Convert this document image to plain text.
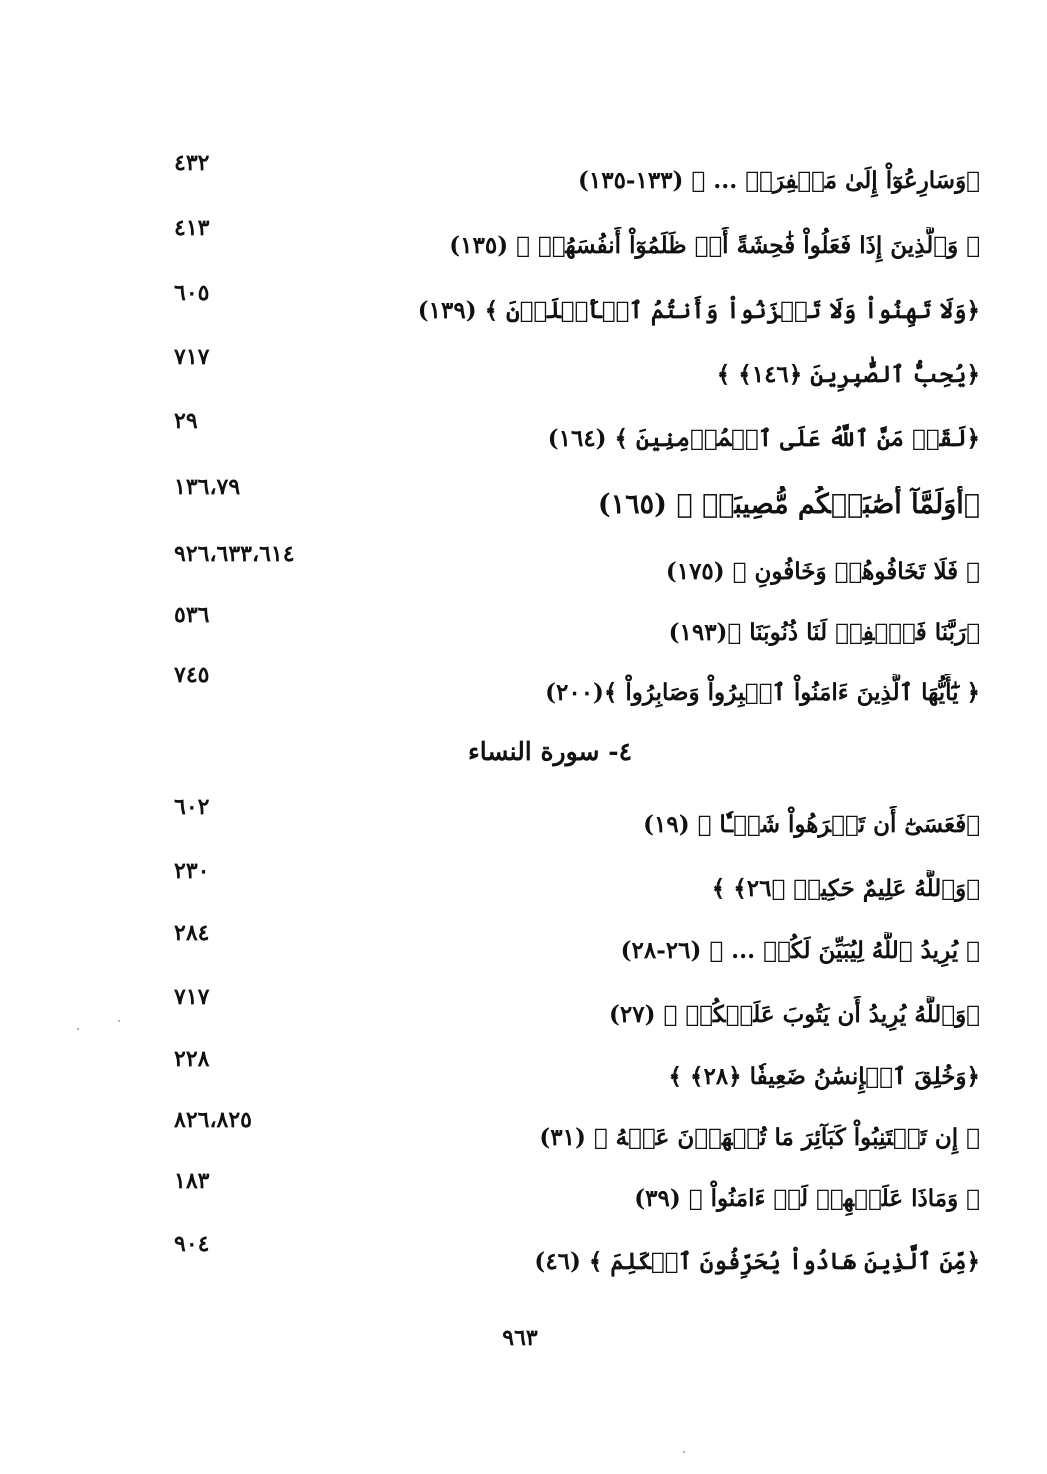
﴿وَسَارِعُوٓاْ إِلَىٰ مَغۡفِرَةٖ ... ﴾ (١٣٣-١٣٥)
٤٣٢
﴿ وَٱلَّذِينَ إِذَا فَعَلُواْ فَٰحِشَةً أَوۡ ظَلَمُوٓاْ أَنفُسَهُمۡ ﴾ (١٣٥)
٤١٣
﴿وَلَا تَهِنُواْ وَلَا تَحۡزَنُواْ وَأَنتُمُ ٱلۡأَعۡلَوۡنَ ﴾ (١٣٩)
٦٠٥
﴿يُحِبُّ ٱلصَّٰبِرِينَ ﴿١٤٦﴾ ﴾
٧١٧
﴿لَقَدۡ مَنَّ ٱللَّهُ عَلَى ٱلۡمُؤۡمِنِينَ ﴾ (١٦٤)
٢٩
﴿أَوَلَمَّآ أَصَٰبَتۡكُم مُّصِيبَةٞ ﴾ (١٦٥)
١٣٦،٧٩
﴿ فَلَا تَخَافُوهُمۡ وَخَافُونِ ﴾ (١٧٥)
٩٢٦،٦٣٣،٦١٤
﴿رَبَّنَا فَٱغۡفِرۡ لَنَا ذُنُوبَنَا ﴾(١٩٣)
٥٣٦
﴿ يَٰٓأَيُّهَا ٱلَّذِينَ ءَامَنُواْ ٱصۡبِرُواْ وَصَابِرُواْ ﴾(٢٠٠)
٧٤٥
٤- سورة النساء
﴿فَعَسَىٰٓ أَن تَكۡرَهُواْ شَيۡـٔٗا ﴾ (١٩)
٦٠٢
﴿وَٱللَّهُ عَلِيمٌ حَكِيمٞ ﴿٢٦﴾ ﴾
٢٣٠
﴿ يُرِيدُ ٱللَّهُ لِيُبَيِّنَ لَكُمۡ ... ﴾ (٢٦-٢٨)
٢٨٤
﴿وَٱللَّهُ يُرِيدُ أَن يَتُوبَ عَلَيۡكُمۡ ﴾ (٢٧)
٧١٧
﴿وَخُلِقَ ٱلۡإِنسَٰنُ ضَعِيفٗا ﴿٢٨﴾ ﴾
٢٢٨
﴿ إِن تَجۡتَنِبُواْ كَبَآئِرَ مَا تُنۡهَوۡنَ عَنۡهُ ﴾ (٣١)
٨٢٦،٨٢٥
﴿ وَمَاذَا عَلَيۡهِمۡ لَوۡ ءَامَنُواْ ﴾ (٣٩)
١٨٣
﴿مِّنَ ٱلَّذِينَ هَادُواْ يُحَرِّفُونَ ٱلۡكَلِمَ ﴾ (٤٦)
٩٠٤
٩٦٣
